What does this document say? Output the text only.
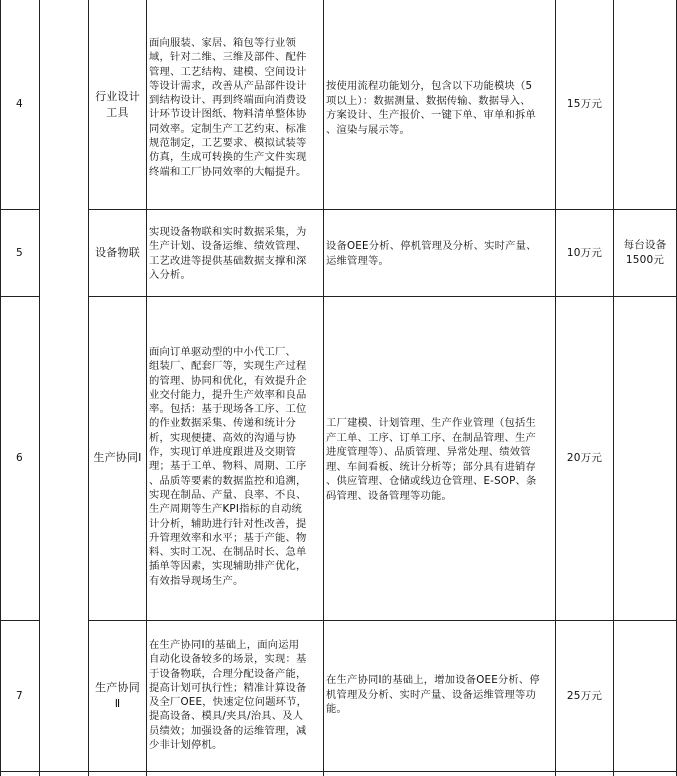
4
行业设计
工具
面向服装、家居、箱包等行业领
域，针对二维、三维及部件、配件
管理、工艺结构、建模、空间设计
等设计需求，改善从产品部件设计
到结构设计、再到终端面向消费设
计环节设计图纸、物料清单整体协
同效率。定制生产工艺约束、标准
规范制定，工艺要求、模拟试装等
仿真，生成可转换的生产文件实现
终端和工厂协同效率的大幅提升。
按使用流程功能划分，包含以下功能模块（5
项以上）：数据测量、数据传输、数据导入、
方案设计、生产报价、一键下单、审单和拆单
、渲染与展示等。
15万元
5	设备物联
实现设备物联和实时数据采集，为
生产计划、设备运维、绩效管理、
工艺改进等提供基础数据支撑和深
入分析。
设备OEE分析、停机管理及分析、实时产量、
运维管理等。
10万元
每台设备
1500元
6	生产协同Ⅰ
面向订单驱动型的中小代工厂、
组装厂、配套厂等，实现生产过程
的管理、协同和优化，有效提升企
业交付能力，提升生产效率和良品
率。包括：基于现场各工序、工位
的作业数据采集、传递和统计分
析，实现便捷、高效的沟通与协
作，实现订单进度跟进及交期管
理；基于工单、物料、周期、工序
、品质等要素的数据监控和追溯，
实现在制品、产量、良率、不良、
生产周期等生产KPI指标的自动统
计分析，辅助进行针对性改善，提
升管理效率和水平；基于产能、物
料、实时工况、在制品时长、急单
插单等因素，实现辅助排产优化，
有效指导现场生产。
工厂建模、计划管理、生产作业管理（包括生
产工单、工序、订单工序、在制品管理、生产
进度管理等）、品质管理、异常处理、绩效管
理、车间看板、统计分析等；部分具有进销存
、供应管理、仓储或线边仓管理、E-SOP、条
码管理、设备管理等功能。
20万元
7
生产协同
Ⅱ
在生产协同Ⅰ的基础上，面向运用
自动化设备较多的场景，实现：基
于设备物联，合理分配设备产能，
提高计划可执行性；精准计算设备
及全厂OEE，快速定位问题环节，
提高设备、模具/夹具/治具、及人
员绩效；加强设备的运维管理，减
少非计划停机。
在生产协同Ⅰ的基础上，增加设备OEE分析、停
机管理及分析、实时产量、设备运维管理等功
能。
25万元
